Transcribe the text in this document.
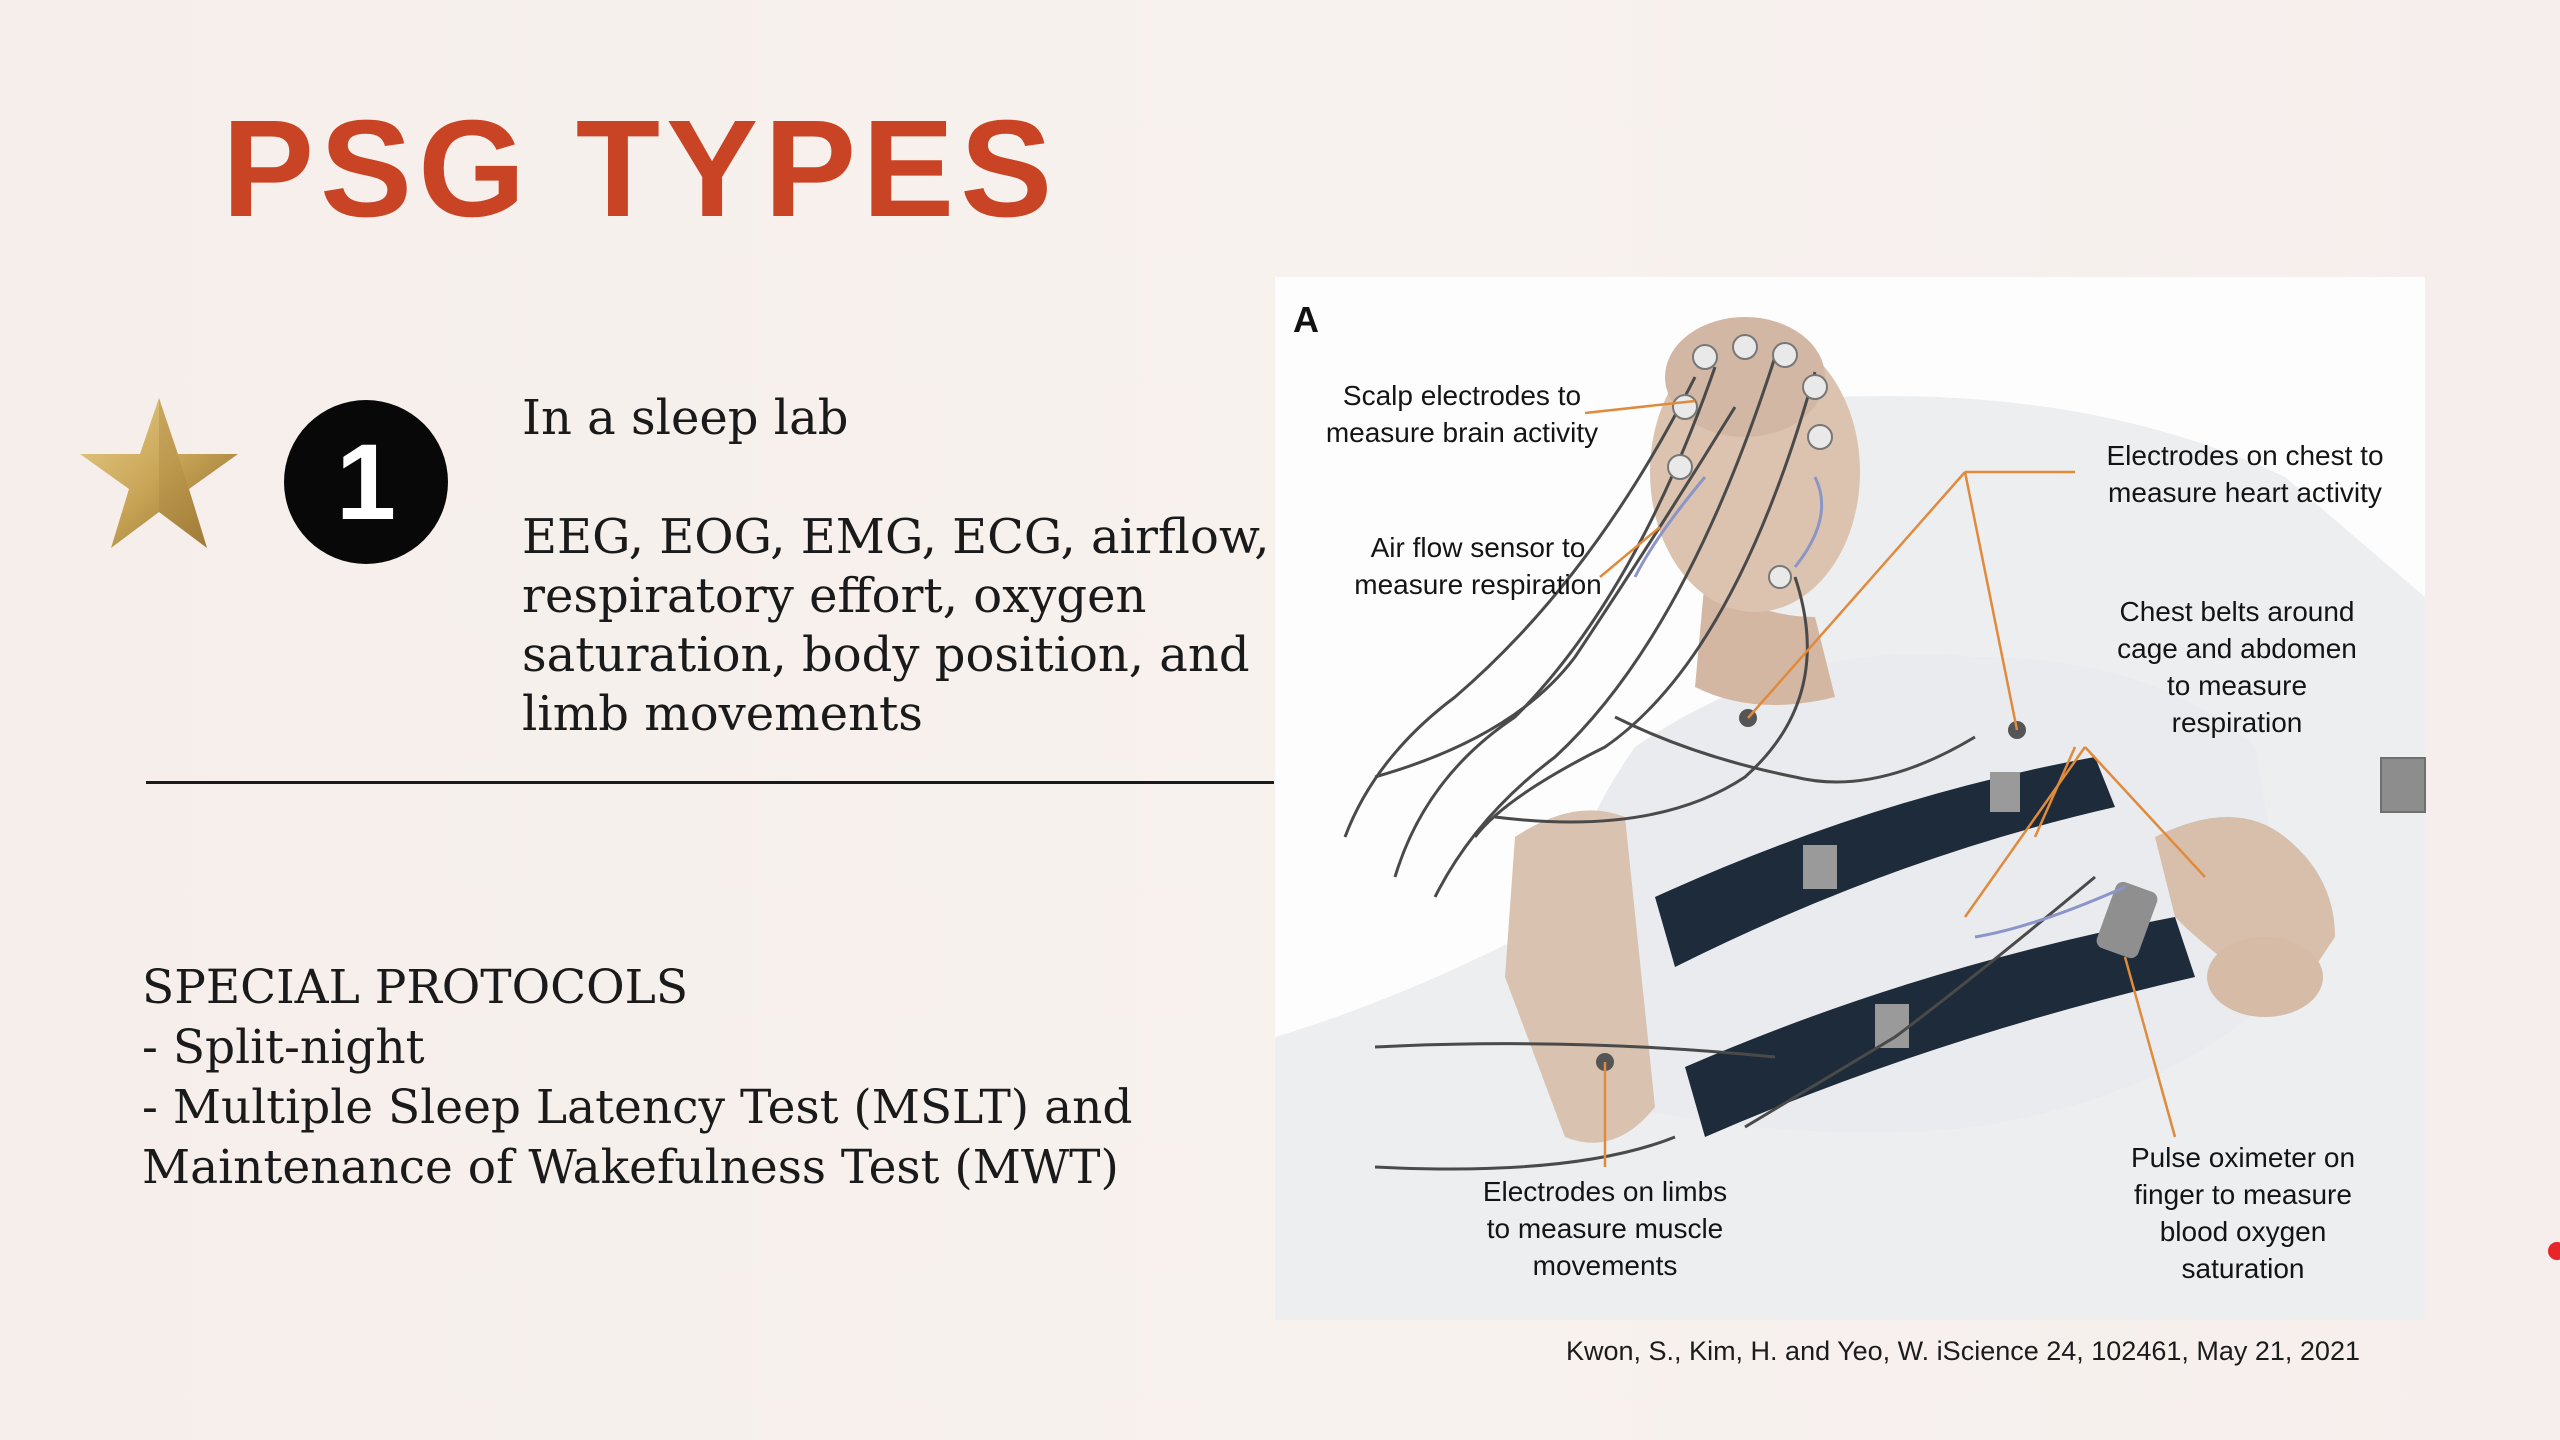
PSG TYPES
1
In a sleep lab
EEG, EOG, EMG, ECG, airflow, respiratory effort, oxygen saturation, body position, and limb movements
SPECIAL PROTOCOLS
- Split-night
- Multiple Sleep Latency Test (MSLT) and
Maintenance of Wakefulness Test (MWT)
A
Scalp electrodes to
measure brain activity
Air flow sensor to
measure respiration
Electrodes on chest to
measure heart activity
Chest belts around
cage and abdomen
to measure
respiration
Electrodes on limbs
to measure muscle
movements
Pulse oximeter on
finger to measure
blood oxygen
saturation
Kwon, S., Kim, H. and Yeo, W. iScience 24, 102461, May 21, 2021
